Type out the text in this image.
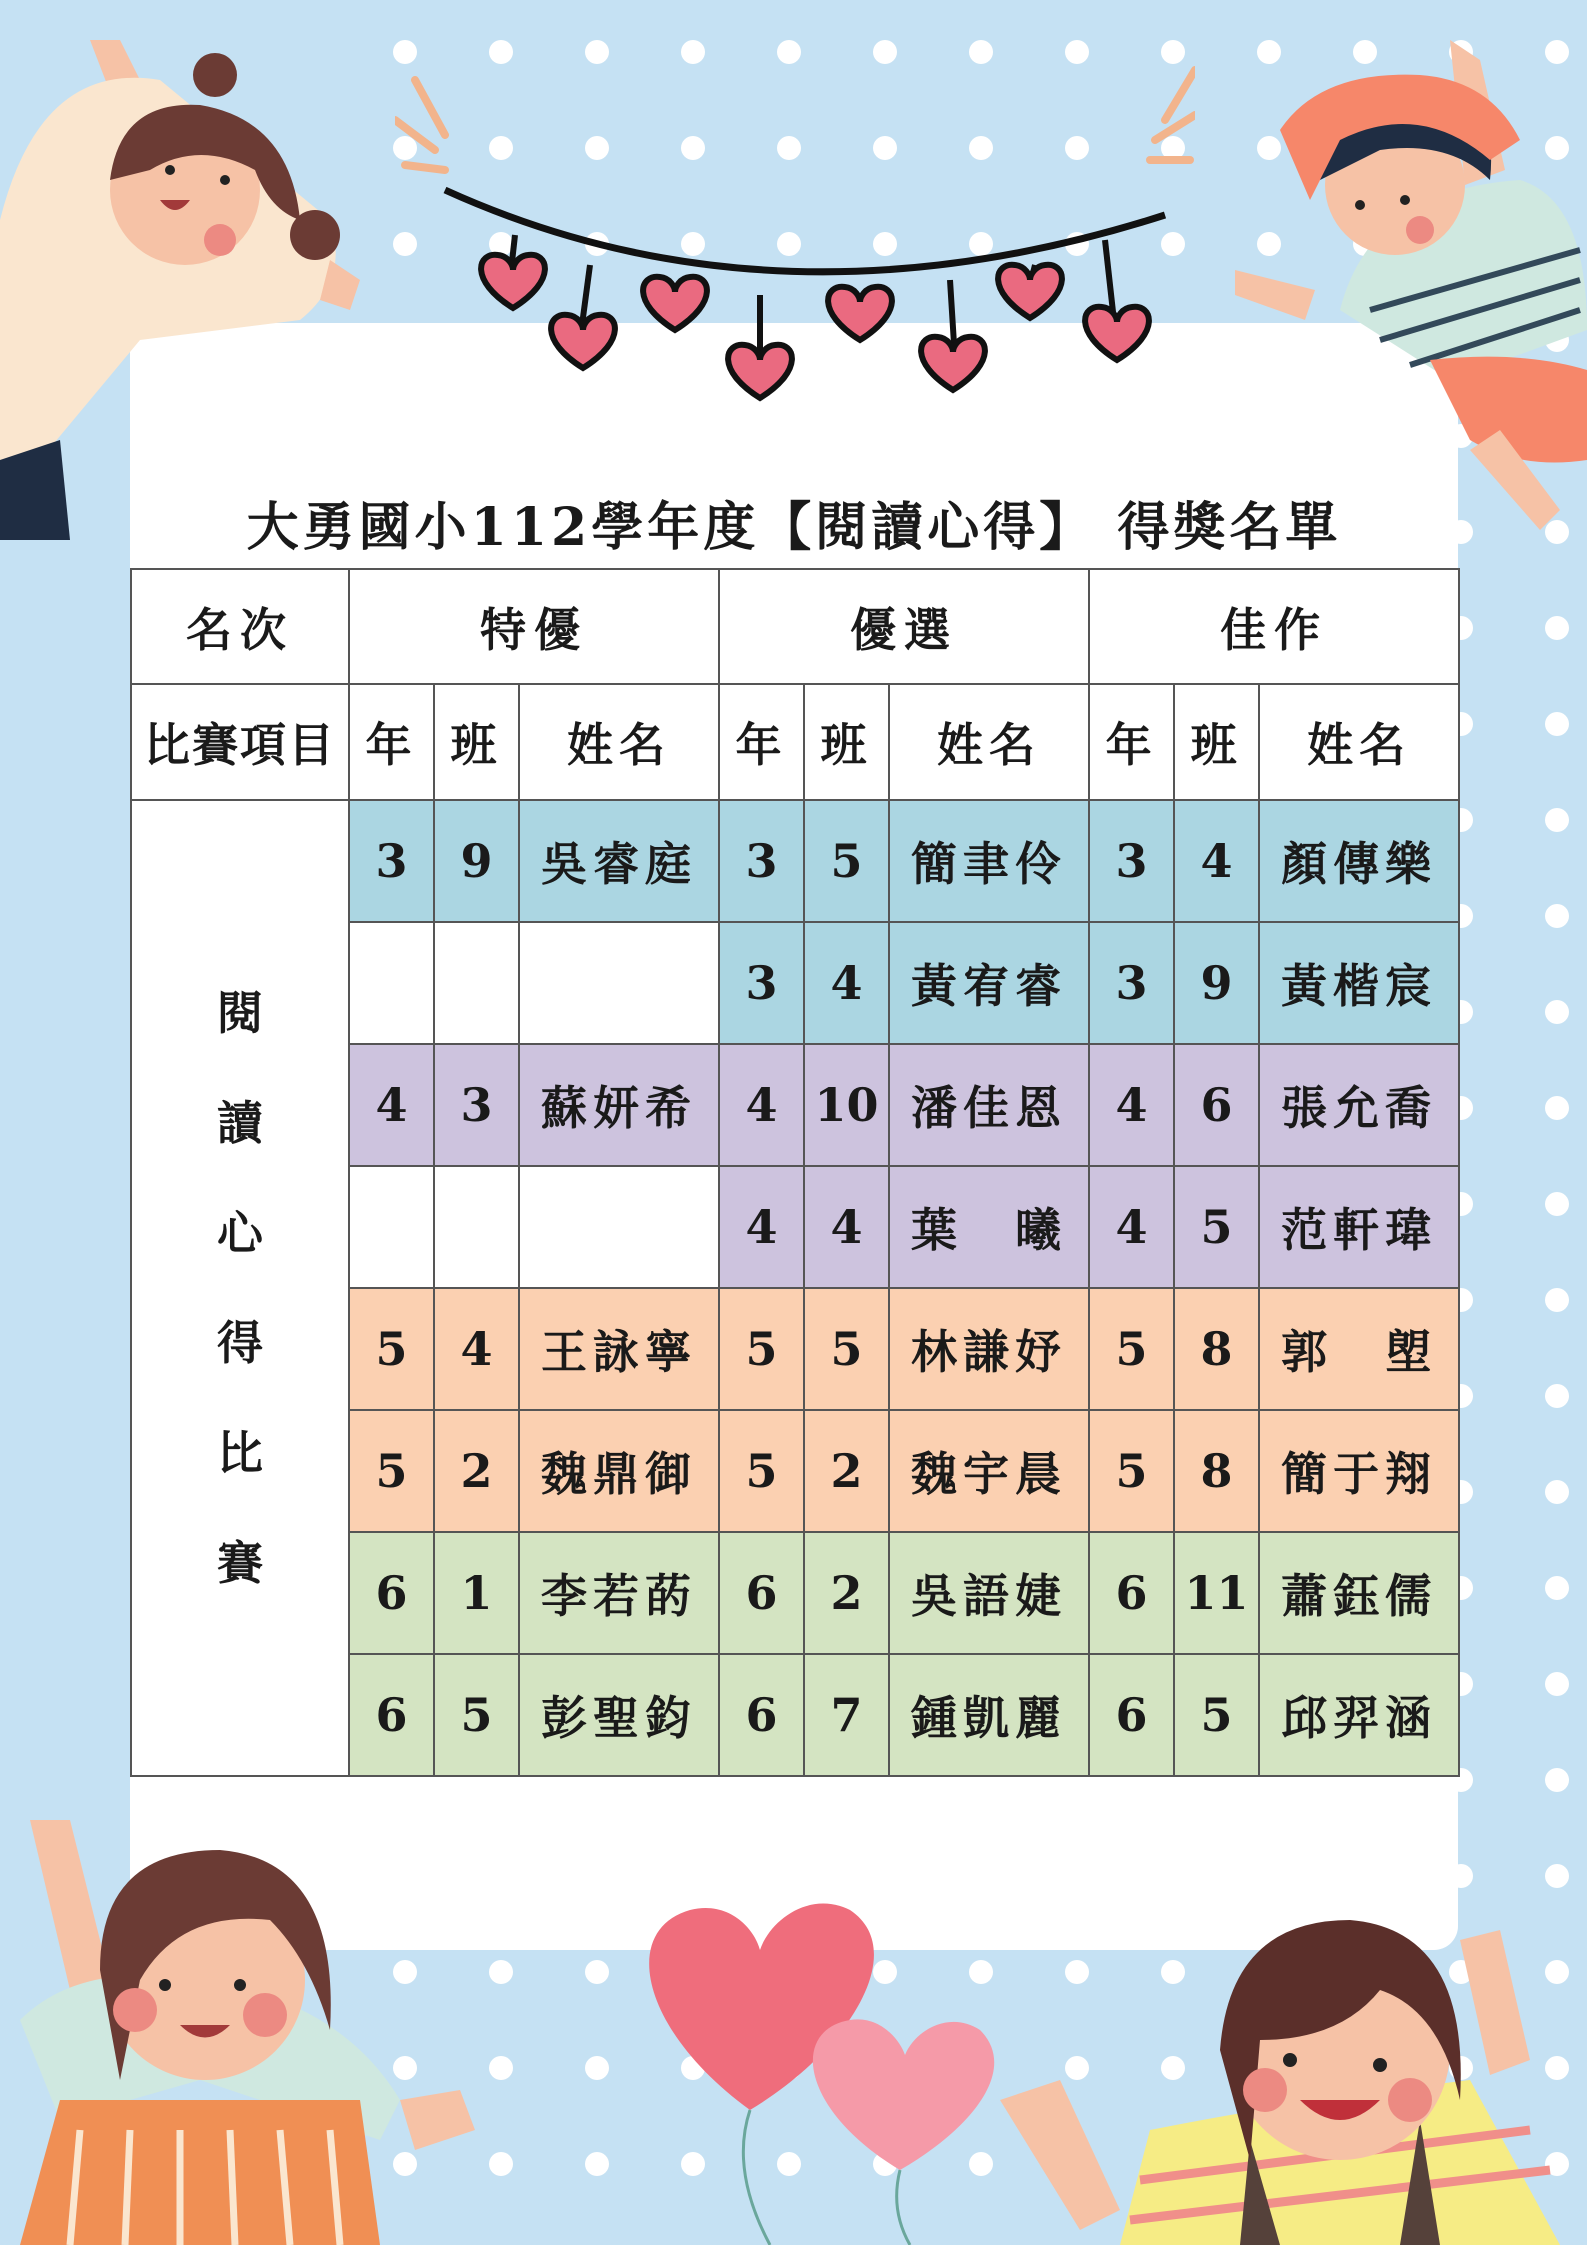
大勇國小112學年度【閱讀心得】 得獎名單
名次	特優			優選			佳作		
比賽項目	年	班	姓名	年	班	姓名	年	班	姓名
閱讀心得比賽	3	9	吳睿庭	3	5	簡聿伶	3	4	顏傳樂
				3	4	黃宥睿	3	9	黃楷宸
	4	3	蘇妍希	4	10	潘佳恩	4	6	張允喬
				4	4	葉　曦	4	5	范軒瑋
	5	4	王詠寧	5	5	林謙妤	5	8	郭　塱
	5	2	魏鼎御	5	2	魏宇晨	5	8	簡于翔
	6	1	李若菂	6	2	吳語婕	6	11	蕭鈺儒
	6	5	彭聖鈞	6	7	鍾凱麗	6	5	邱羿涵
